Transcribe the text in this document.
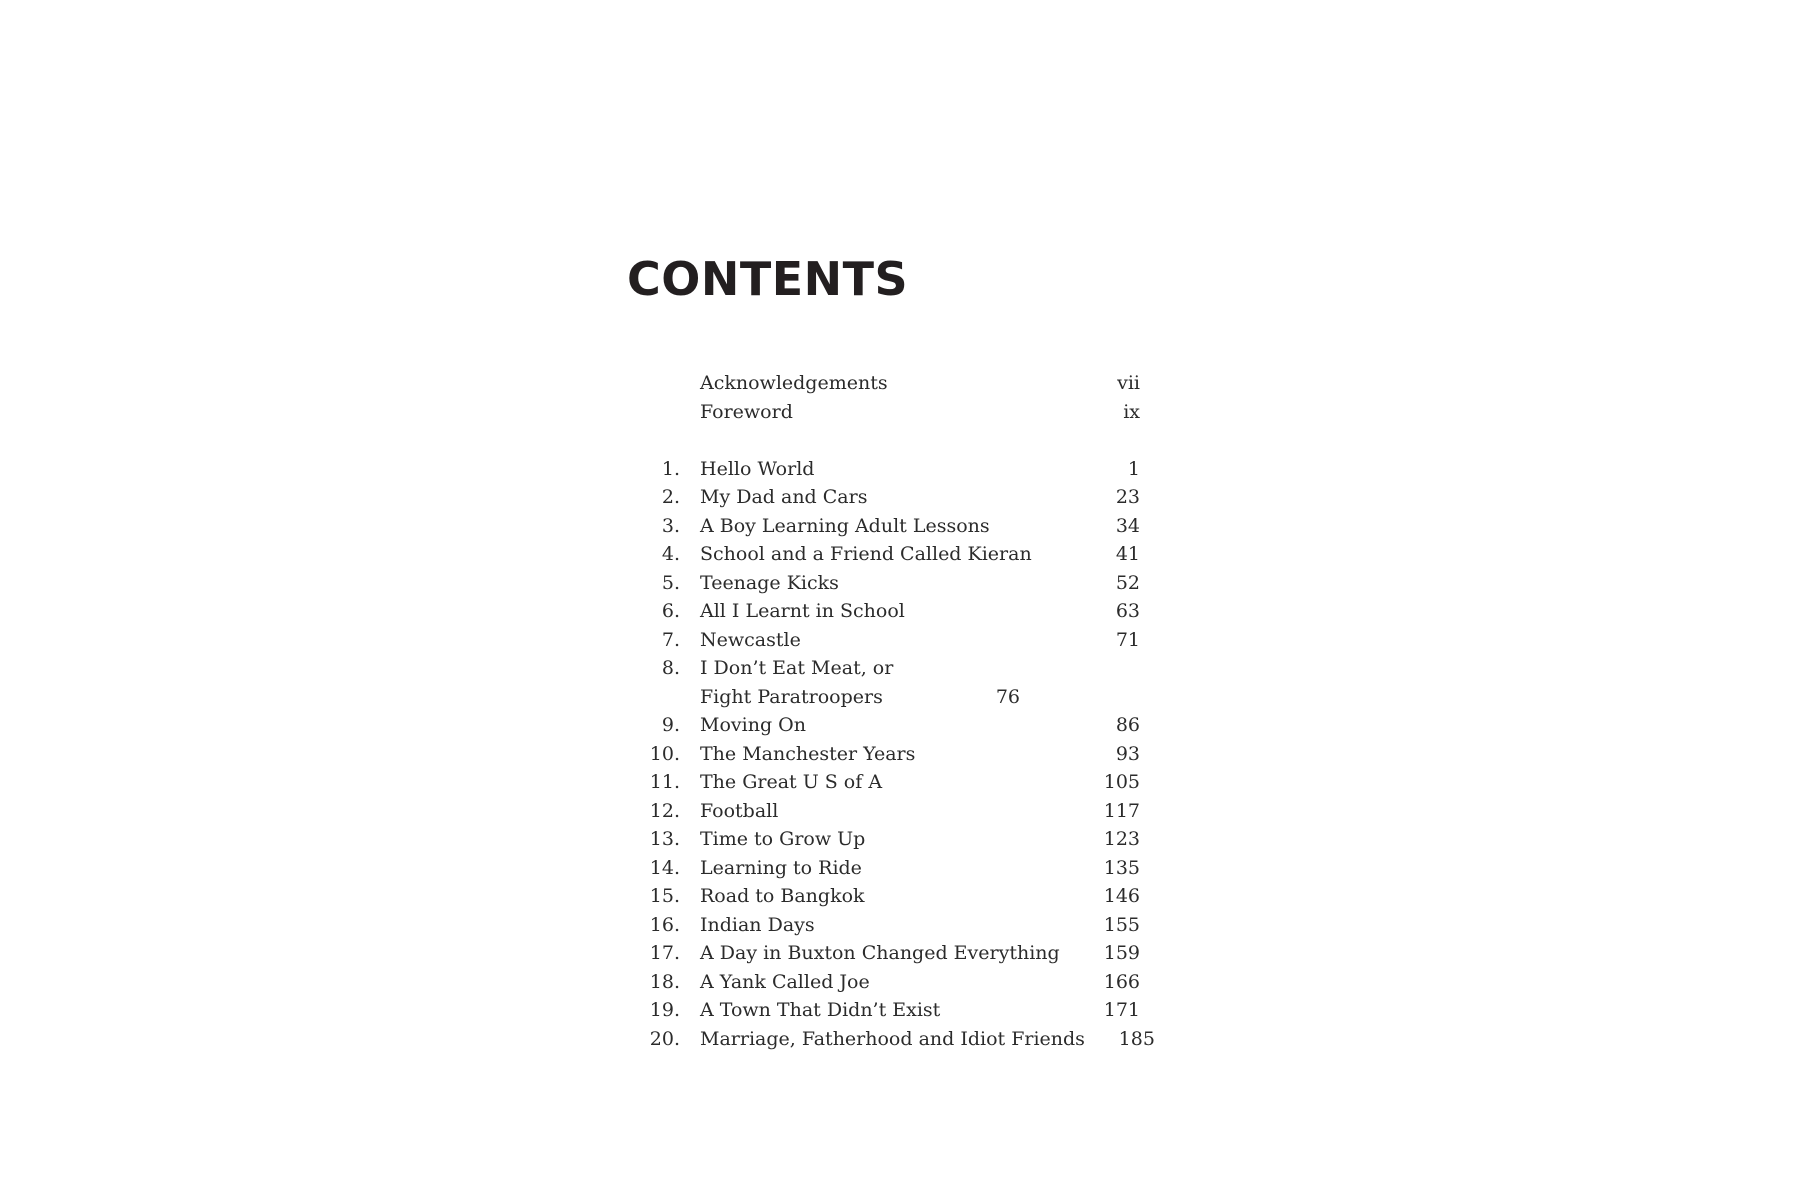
CONTENTS
Acknowledgements	vii
Foreword	ix
1.	Hello World	1
2.	My Dad and Cars	23
3.	A Boy Learning Adult Lessons	34
4.	School and a Friend Called Kieran	41
5.	Teenage Kicks	52
6.	All I Learnt in School	63
7.	Newcastle	71
8.	I Don’t Eat Meat, or Fight Paratroopers	76
9.	Moving On	86
10.	The Manchester Years	93
11.	The Great U S of A	105
12.	Football	117
13.	Time to Grow Up	123
14.	Learning to Ride	135
15.	Road to Bangkok	146
16.	Indian Days	155
17.	A Day in Buxton Changed Everything	159
18.	A Yank Called Joe	166
19.	A Town That Didn’t Exist	171
20.	Marriage, Fatherhood and Idiot Friends	185
